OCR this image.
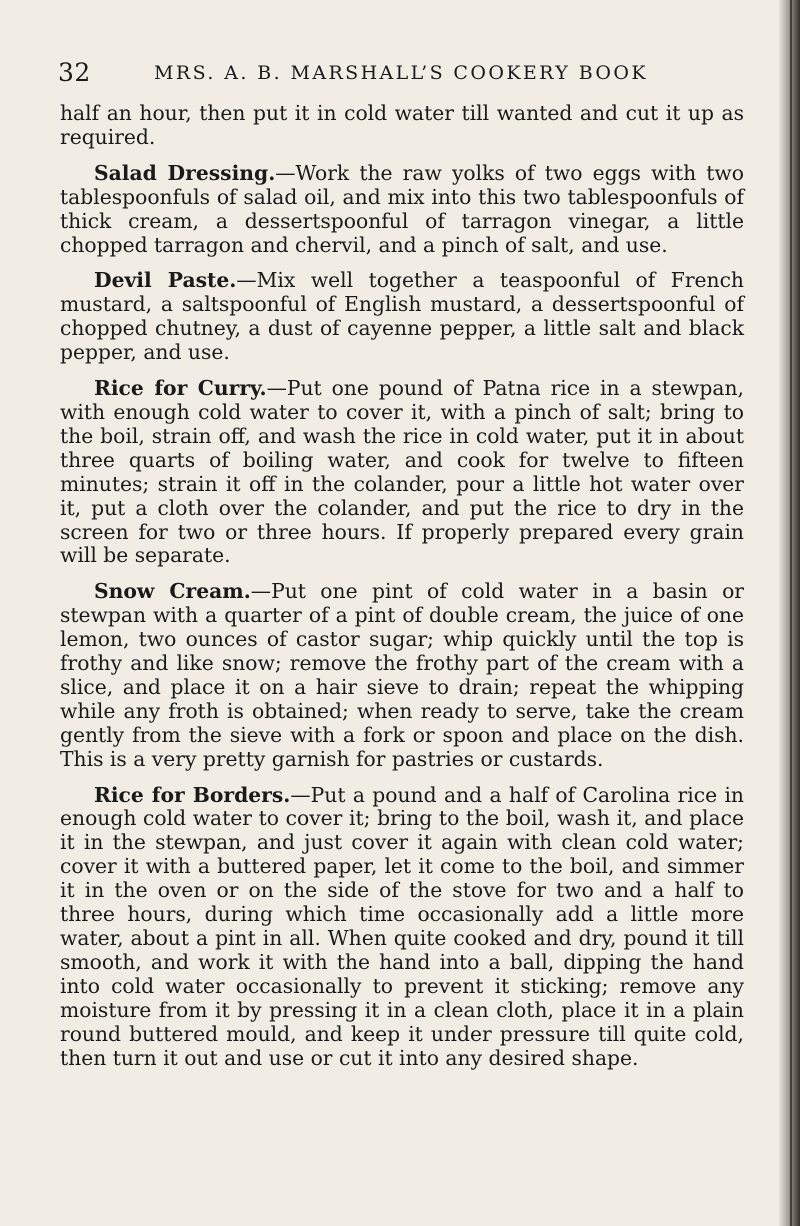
32	MRS. A. B. MARSHALL’S COOKERY BOOK

half an hour, then put it in cold water till wanted and cut it up as required.

Salad Dressing.—Work the raw yolks of two eggs with two tablespoonfuls of salad oil, and mix into this two tablespoonfuls of thick cream, a dessertspoonful of tarragon vinegar, a little chopped tarragon and chervil, and a pinch of salt, and use.

Devil Paste.—Mix well together a teaspoonful of French mustard, a saltspoonful of English mustard, a dessertspoonful of chopped chutney, a dust of cayenne pepper, a little salt and black pepper, and use.

Rice for Curry.—Put one pound of Patna rice in a stewpan, with enough cold water to cover it, with a pinch of salt; bring to the boil, strain off, and wash the rice in cold water, put it in about three quarts of boiling water, and cook for twelve to fifteen minutes; strain it off in the colander, pour a little hot water over it, put a cloth over the colander, and put the rice to dry in the screen for two or three hours. If properly prepared every grain will be separate.

Snow Cream.—Put one pint of cold water in a basin or stewpan with a quarter of a pint of double cream, the juice of one lemon, two ounces of castor sugar; whip quickly until the top is frothy and like snow; remove the frothy part of the cream with a slice, and place it on a hair sieve to drain; repeat the whipping while any froth is obtained; when ready to serve, take the cream gently from the sieve with a fork or spoon and place on the dish. This is a very pretty garnish for pastries or custards.

Rice for Borders.—Put a pound and a half of Carolina rice in enough cold water to cover it; bring to the boil, wash it, and place it in the stewpan, and just cover it again with clean cold water; cover it with a buttered paper, let it come to the boil, and simmer it in the oven or on the side of the stove for two and a half to three hours, during which time occasionally add a little more water, about a pint in all. When quite cooked and dry, pound it till smooth, and work it with the hand into a ball, dipping the hand into cold water occasionally to prevent it sticking; remove any moisture from it by pressing it in a clean cloth, place it in a plain round buttered mould, and keep it under pressure till quite cold, then turn it out and use or cut it into any desired shape.
